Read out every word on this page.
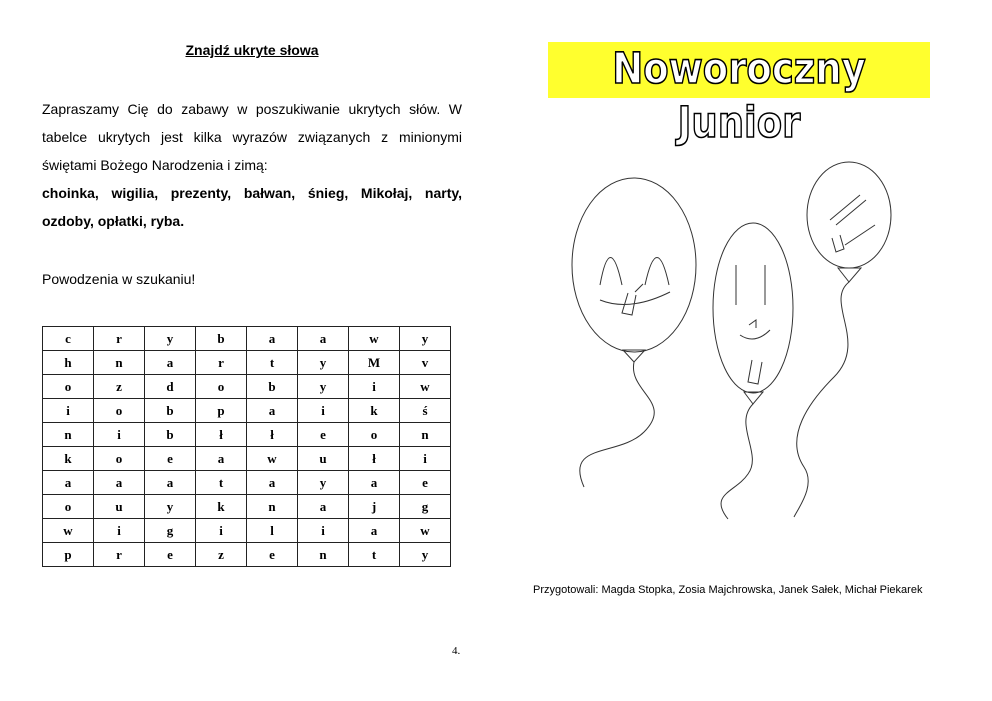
Znajdź ukryte słowa

Zapraszamy Cię do zabawy w poszukiwanie ukrytych słów. W tabelce ukrytych jest kilka wyrazów związanych z minionymi świętami Bożego Narodzenia i zimą:

choinka, wigilia, prezenty, bałwan, śnieg, Mikołaj, narty, ozdoby, opłatki, ryba.

Powodzenia w szukaniu!

c	r	y	b	a	a	w	y
h	n	a	r	t	y	M	v
o	z	d	o	b	y	i	w
i	o	b	p	a	i	k	ś
n	i	b	ł	ł	e	o	n
k	o	e	a	w	u	ł	i
a	a	a	t	a	y	a	e
o	u	y	k	n	a	j	g
w	i	g	i	l	i	a	w
p	r	e	z	e	n	t	y
Noworoczny Junior

Przygotowali: Magda Stopka, Zosia Majchrowska, Janek Sałek, Michał Piekarek

4.
